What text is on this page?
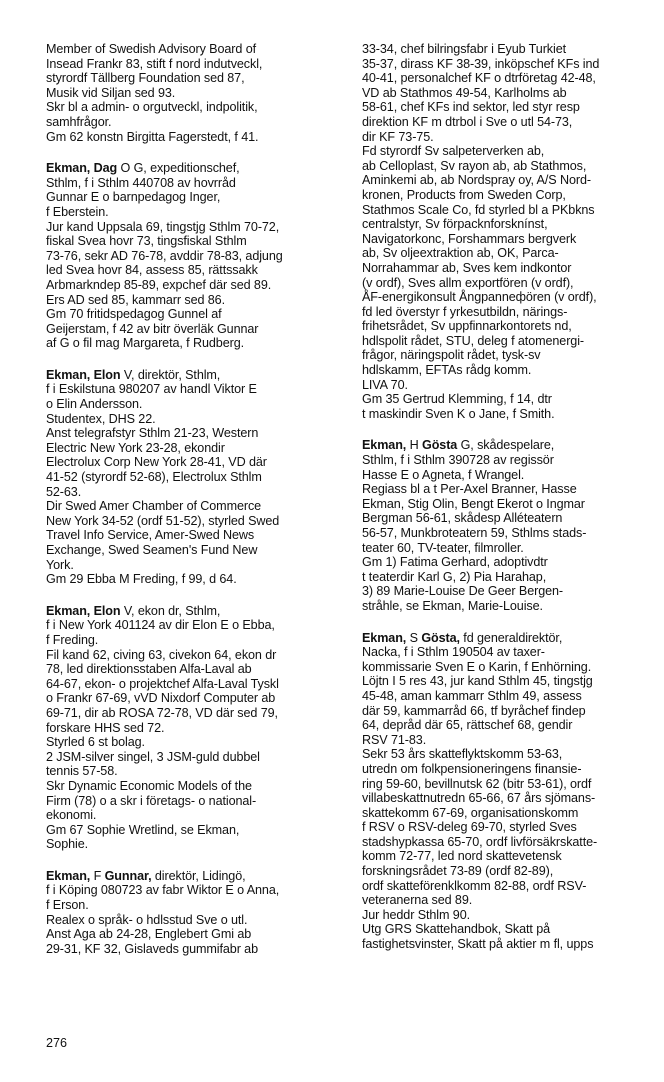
Member of Swedish Advisory Board of
Insead Frankr 83, stift f nord indutveckl,
styrordf Tällberg Foundation sed 87,
Musik vid Siljan sed 93.
Skr bl a admin- o orgutveckl, indpolitik,
samhfrågor.
Gm 62 konstn Birgitta Fagerstedt, f 41.

Ekman, Dag O G, expeditionschef,

Sthlm, f i Sthlm 440708 av hovrråd
Gunnar E o barnpedagog Inger,
f Eberstein.
Jur kand Uppsala 69, tingstjg Sthlm 70-72,
fiskal Svea hovr 73, tingsfiskal Sthlm
73-76, sekr AD 76-78, avddir 78-83, adjung
led Svea hovr 84, assess 85, rättssakk
Arbmarkndep 85-89, expchef där sed 89.
Ers AD sed 85, kammarr sed 86.
Gm 70 fritidspedagog Gunnel af
Geijerstam, f 42 av bitr överläk Gunnar
af G o fil mag Margareta, f Rudberg.

Ekman, Elon V, direktör, Sthlm,

f i Eskilstuna 980207 av handl Viktor E
o Elin Andersson.
Studentex, DHS 22.
Anst telegrafstyr Sthlm 21-23, Western
Electric New York 23-28, ekondir
Electrolux Corp New York 28-41, VD där
41-52 (styrordf 52-68), Electrolux Sthlm
52-63.
Dir Swed Amer Chamber of Commerce
New York 34-52 (ordf 51-52), styrled Swed
Travel Info Service, Amer-Swed News
Exchange, Swed Seamen's Fund New
York.
Gm 29 Ebba M Freding, f 99, d 64.

Ekman, Elon V, ekon dr, Sthlm,

f i New York 401124 av dir Elon E o Ebba,
f Freding.
Fil kand 62, civing 63, civekon 64, ekon dr
78, led direktionsstaben Alfa-Laval ab
64-67, ekon- o projektchef Alfa-Laval Tyskl
o Frankr 67-69, vVD Nixdorf Computer ab
69-71, dir ab ROSA 72-78, VD där sed 79,
forskare HHS sed 72.
Styrled 6 st bolag.
2 JSM-silver singel, 3 JSM-guld dubbel
tennis 57-58.
Skr Dynamic Economic Models of the
Firm (78) o a skr i företags- o national-
ekonomi.
Gm 67 Sophie Wretlind, se Ekman,
Sophie.

Ekman, F Gunnar, direktör, Lidingö,

f i Köping 080723 av fabr Wiktor E o Anna,
f Erson.
Realex o språk- o hdlsstud Sve o utl.
Anst Aga ab 24-28, Englebert Gmi ab
29-31, KF 32, Gislaveds gummifabr ab

33-34, chef bilringsfabr i Eyub Turkiet
35-37, dirass KF 38-39, inköpschef KFs ind
40-41, personalchef KF o dtrföretag 42-48,
VD ab Stathmos 49-54, Karlholms ab
58-61, chef KFs ind sektor, led styr resp
direktion KF m dtrbol i Sve o utl 54-73,
dir KF 73-75.
Fd styrordf Sv salpeterverken ab,
ab Celloplast, Sv rayon ab, ab Stathmos,
Aminkemi ab, ab Nordspray oy, A/S Nord-
kronen, Products from Sweden Corp,
Stathmos Scale Co, fd styrled bl a PKbkns
centralstyr, Sv förpacknforsknínst,
Navigatorkonc, Forshammars bergverk
ab, Sv oljeextraktion ab, OK, Parca-
Norrahammar ab, Sves kem indkontor
(v ordf), Sves allm exportfören (v ordf),
ÅF-energikonsult Ångpanneфören (v ordf),
fd led överstyr f yrkesutbildn, närings-
frihetsrådet, Sv uppfinnarkontorets nd,
hdlspolit rådet, STU, deleg f atomenergi-
frågor, näringspolit rådet, tysk-sv
hdlskamm, EFTAs rådg komm.
LIVA 70.
Gm 35 Gertrud Klemming, f 14, dtr
t maskindir Sven K o Jane, f Smith.

Ekman, H Gösta G, skådespelare,

Sthlm, f i Sthlm 390728 av regissör
Hasse E o Agneta, f Wrangel.
Regiass bl a t Per-Axel Branner, Hasse
Ekman, Stig Olin, Bengt Ekerot o Ingmar
Bergman 56-61, skådesp Alléteatern
56-57, Munkbroteatern 59, Sthlms stads-
teater 60, TV-teater, filmroller.
Gm 1) Fatima Gerhard, adoptivdtr
t teaterdir Karl G, 2) Pia Harahap,
3) 89 Marie-Louise De Geer Bergen-
stråhle, se Ekman, Marie-Louise.

Ekman, S Gösta, fd generaldirektör,

Nacka, f i Sthlm 190504 av taxer-
kommissarie Sven E o Karin, f Enhörning.
Löjtn I 5 res 43, jur kand Sthlm 45, tingstjg
45-48, aman kammarr Sthlm 49, assess
där 59, kammarråd 66, tf byråchef findep
64, depråd där 65, rättschef 68, gendir
RSV 71-83.
Sekr 53 års skatteflyktskomm 53-63,
utredn om folkpensioneringens finansie-
ring 59-60, bevillnutsk 62 (bitr 53-61), ordf
villabeskattnutredn 65-66, 67 års sjömans-
skattekomm 67-69, organisationskomm
f RSV o RSV-deleg 69-70, styrled Sves
stadshypkassa 65-70, ordf livförsäkrskatte-
komm 72-77, led nord skattevetensk
forskningsrådet 73-89 (ordf 82-89),
ordf skatteförenklkomm 82-88, ordf RSV-
veteranerna sed 89.
Jur heddr Sthlm 90.
Utg GRS Skattehandbok, Skatt på
fastighetsvinster, Skatt på aktier m fl, upps

276
